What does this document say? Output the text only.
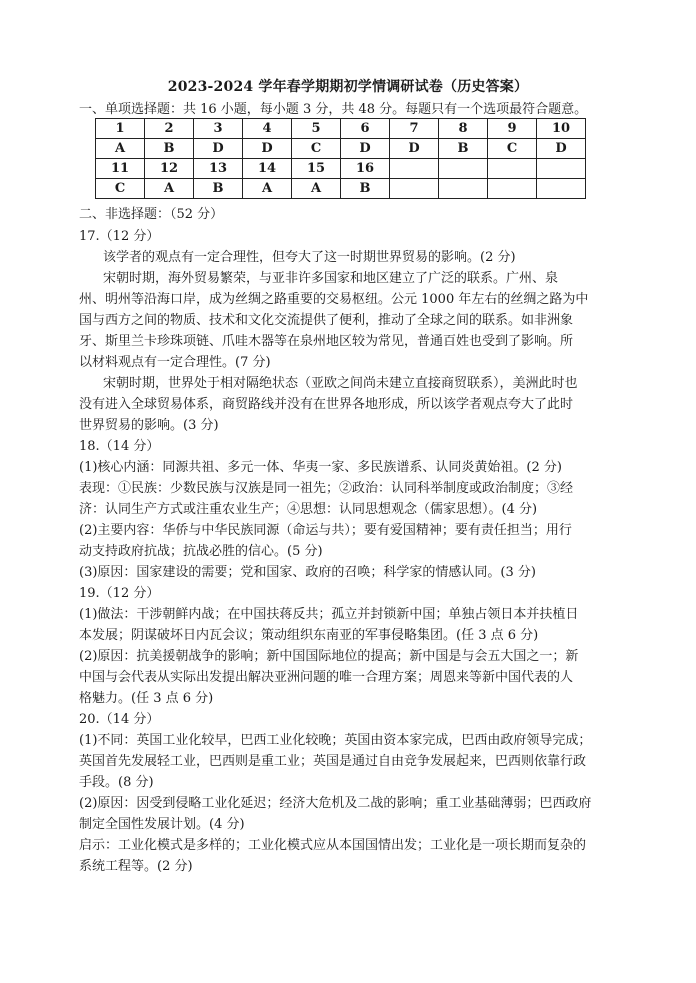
2023-2024 学年春学期期初学情调研试卷（历史答案）
一、单项选择题：共 16 小题，每小题 3 分，共 48 分。每题只有一个选项最符合题意。
1	2	3	4	5	6	7	8	9	10
A	B	D	D	C	D	D	B	C	D
11	12	13	14	15	16				
C	A	B	A	A	B				
二、非选择题：（52 分）
17.（12 分）
该学者的观点有一定合理性，但夸大了这一时期世界贸易的影响。(2 分)
宋朝时期，海外贸易繁荣，与亚非许多国家和地区建立了广泛的联系。广州、泉
州、明州等沿海口岸，成为丝绸之路重要的交易枢纽。公元 1000 年左右的丝绸之路为中
国与西方之间的物质、技术和文化交流提供了便利，推动了全球之间的联系。如非洲象
牙、斯里兰卡珍珠项链、爪哇木器等在泉州地区较为常见，普通百姓也受到了影响。所
以材料观点有一定合理性。(7 分)
宋朝时期，世界处于相对隔绝状态（亚欧之间尚未建立直接商贸联系），美洲此时也
没有进入全球贸易体系，商贸路线并没有在世界各地形成，所以该学者观点夸大了此时
世界贸易的影响。(3 分)
18.（14 分）
(1)核心内涵：同源共祖、多元一体、华夷一家、多民族谱系、认同炎黄始祖。(2 分)
表现：①民族：少数民族与汉族是同一祖先；②政治：认同科举制度或政治制度；③经
济：认同生产方式或注重农业生产；④思想：认同思想观念（儒家思想）。(4 分)
(2)主要内容：华侨与中华民族同源（命运与共）；要有爱国精神；要有责任担当；用行
动支持政府抗战；抗战必胜的信心。(5 分)
(3)原因：国家建设的需要；党和国家、政府的召唤；科学家的情感认同。(3 分)
19.（12 分）
(1)做法：干涉朝鲜内战；在中国扶蒋反共；孤立并封锁新中国；单独占领日本并扶植日
本发展；阴谋破坏日内瓦会议；策动组织东南亚的军事侵略集团。(任 3 点 6 分)
(2)原因：抗美援朝战争的影响；新中国国际地位的提高；新中国是与会五大国之一；新
中国与会代表从实际出发提出解决亚洲问题的唯一合理方案；周恩来等新中国代表的人
格魅力。(任 3 点 6 分)
20.（14 分）
(1)不同：英国工业化较早，巴西工业化较晚；英国由资本家完成，巴西由政府领导完成；
英国首先发展轻工业，巴西则是重工业；英国是通过自由竞争发展起来，巴西则依靠行政
手段。(8 分)
(2)原因：因受到侵略工业化延迟；经济大危机及二战的影响；重工业基础薄弱；巴西政府
制定全国性发展计划。(4 分)
启示：工业化模式是多样的；工业化模式应从本国国情出发；工业化是一项长期而复杂的
系统工程等。(2 分)
